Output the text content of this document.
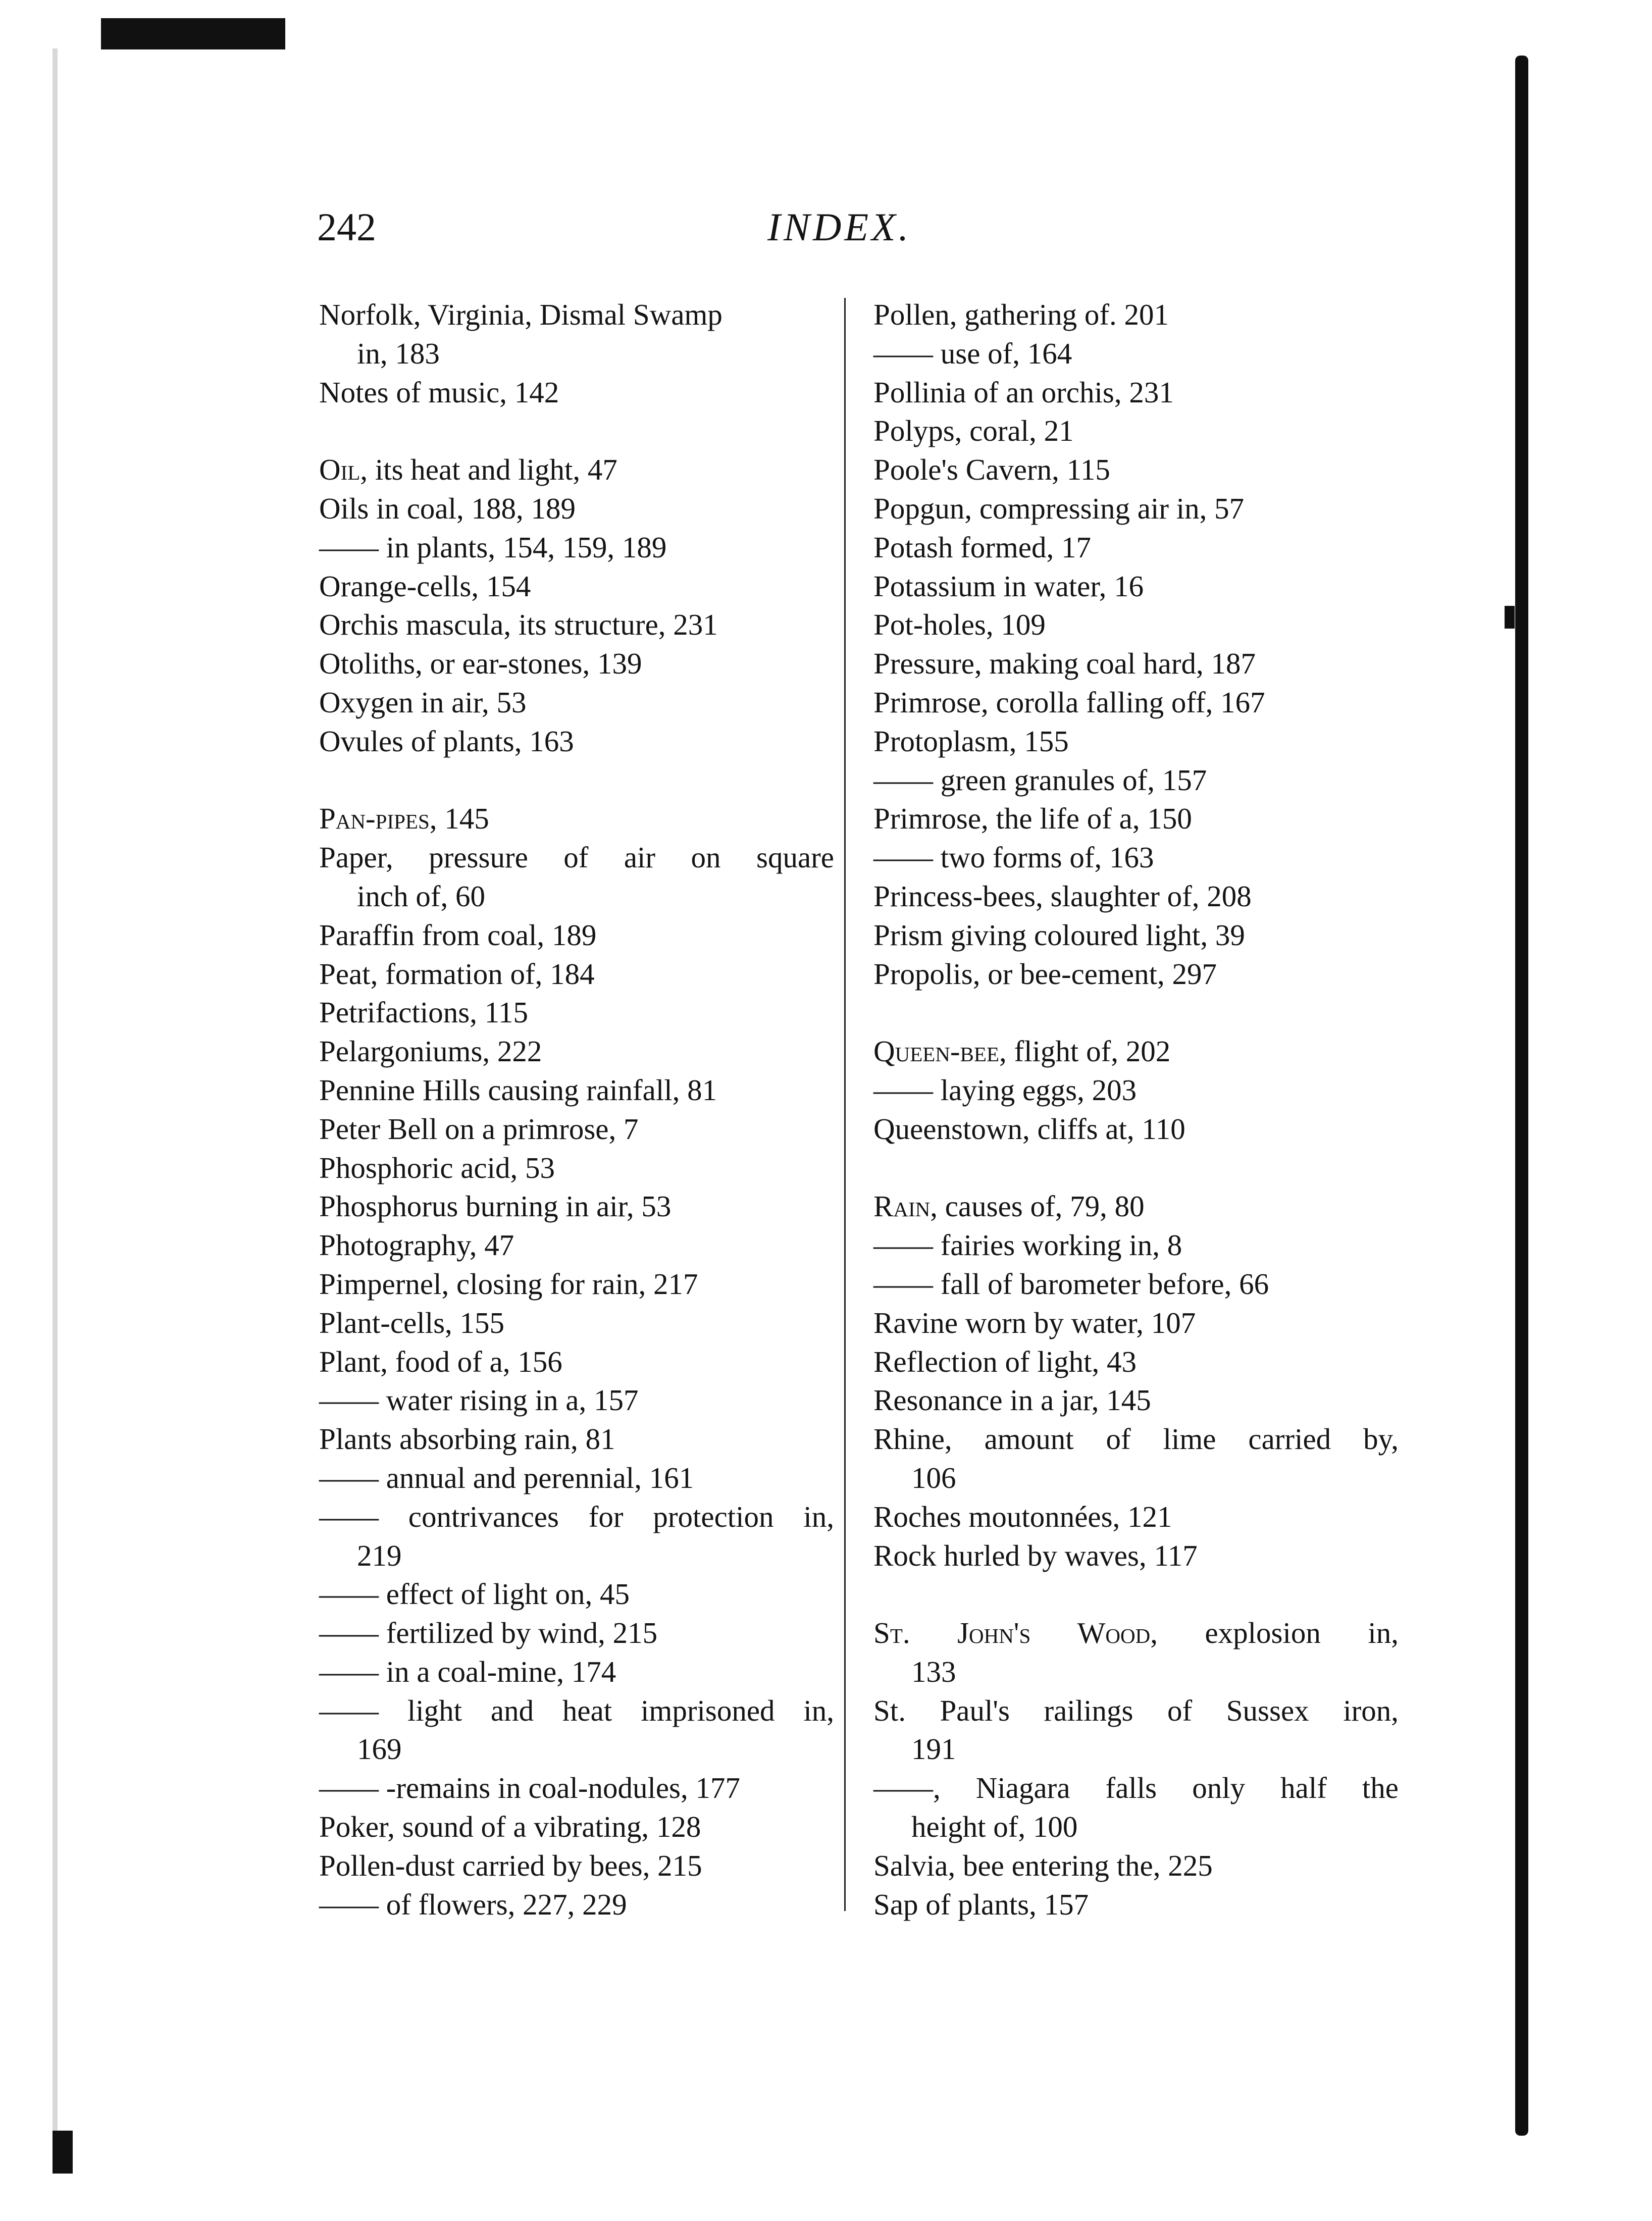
242	INDEX.
Norfolk, Virginia, Dismal Swamp
in, 183
Notes of music, 142
Oil, its heat and light, 47
Oils in coal, 188, 189
—— in plants, 154, 159, 189
Orange-cells, 154
Orchis mascula, its structure, 231
Otoliths, or ear-stones, 139
Oxygen in air, 53
Ovules of plants, 163
Pan-pipes, 145
Paper, pressure of air on square
inch of, 60
Paraffin from coal, 189
Peat, formation of, 184
Petrifactions, 115
Pelargoniums, 222
Pennine Hills causing rainfall, 81
Peter Bell on a primrose, 7
Phosphoric acid, 53
Phosphorus burning in air, 53
Photography, 47
Pimpernel, closing for rain, 217
Plant-cells, 155
Plant, food of a, 156
—— water rising in a, 157
Plants absorbing rain, 81
—— annual and perennial, 161
—— contrivances for protection in,
219
—— effect of light on, 45
—— fertilized by wind, 215
—— in a coal-mine, 174
—— light and heat imprisoned in,
169
—— -remains in coal-nodules, 177
Poker, sound of a vibrating, 128
Pollen-dust carried by bees, 215
—— of flowers, 227, 229
Pollen, gathering of. 201
—— use of, 164
Pollinia of an orchis, 231
Polyps, coral, 21
Poole's Cavern, 115
Popgun, compressing air in, 57
Potash formed, 17
Potassium in water, 16
Pot-holes, 109
Pressure, making coal hard, 187
Primrose, corolla falling off, 167
Protoplasm, 155
—— green granules of, 157
Primrose, the life of a, 150
—— two forms of, 163
Princess-bees, slaughter of, 208
Prism giving coloured light, 39
Propolis, or bee-cement, 297
Queen-bee, flight of, 202
—— laying eggs, 203
Queenstown, cliffs at, 110
Rain, causes of, 79, 80
—— fairies working in, 8
—— fall of barometer before, 66
Ravine worn by water, 107
Reflection of light, 43
Resonance in a jar, 145
Rhine, amount of lime carried by,
106
Roches moutonnées, 121
Rock hurled by waves, 117
St. John's Wood, explosion in,
133
St. Paul's railings of Sussex iron,
191
——, Niagara falls only half the
height of, 100
Salvia, bee entering the, 225
Sap of plants, 157
